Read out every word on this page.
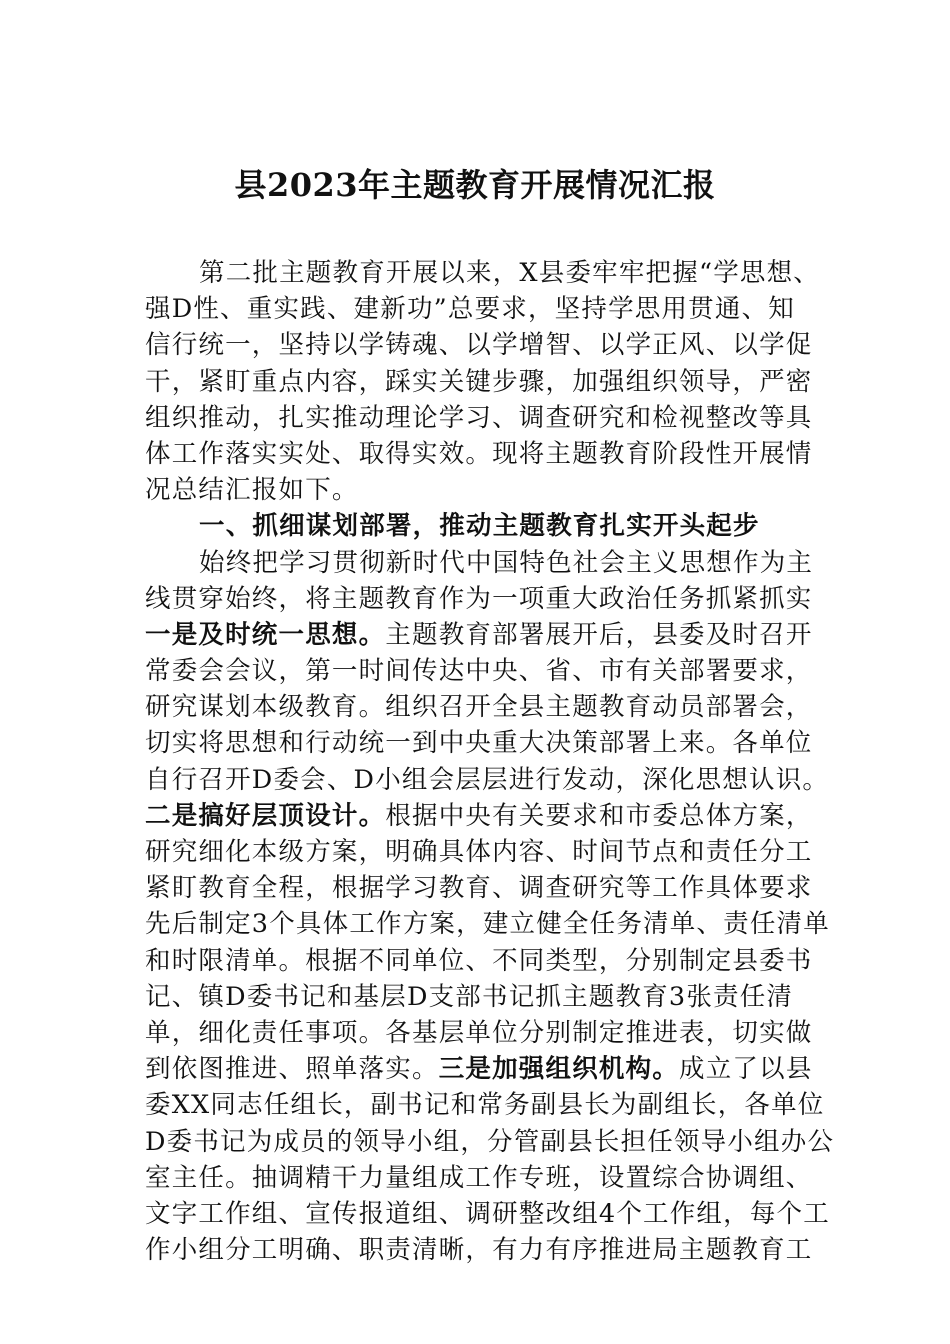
县2023年主题教育开展情况汇报
第二批主题教育开展以来，X县委牢牢把握“学思想、
强D性、重实践、建新功”总要求，坚持学思用贯通、知
信行统一，坚持以学铸魂、以学增智、以学正风、以学促
干，紧盯重点内容，踩实关键步骤，加强组织领导，严密
组织推动，扎实推动理论学习、调查研究和检视整改等具
体工作落实实处、取得实效。现将主题教育阶段性开展情
况总结汇报如下。
一、抓细谋划部署，推动主题教育扎实开头起步
始终把学习贯彻新时代中国特色社会主义思想作为主
线贯穿始终，将主题教育作为一项重大政治任务抓紧抓实
一是及时统一思想。主题教育部署展开后，县委及时召开
常委会会议，第一时间传达中央、省、市有关部署要求，
研究谋划本级教育。组织召开全县主题教育动员部署会，
切实将思想和行动统一到中央重大决策部署上来。各单位
自行召开D委会、D小组会层层进行发动，深化思想认识。
二是搞好层顶设计。根据中央有关要求和市委总体方案，
研究细化本级方案，明确具体内容、时间节点和责任分工
紧盯教育全程，根据学习教育、调查研究等工作具体要求
先后制定3个具体工作方案，建立健全任务清单、责任清单
和时限清单。根据不同单位、不同类型，分别制定县委书
记、镇D委书记和基层D支部书记抓主题教育3张责任清
单，细化责任事项。各基层单位分别制定推进表，切实做
到依图推进、照单落实。三是加强组织机构。成立了以县
委XX同志任组长，副书记和常务副县长为副组长，各单位
D委书记为成员的领导小组，分管副县长担任领导小组办公
室主任。抽调精干力量组成工作专班，设置综合协调组、
文字工作组、宣传报道组、调研整改组4个工作组，每个工
作小组分工明确、职责清晰，有力有序推进局主题教育工
